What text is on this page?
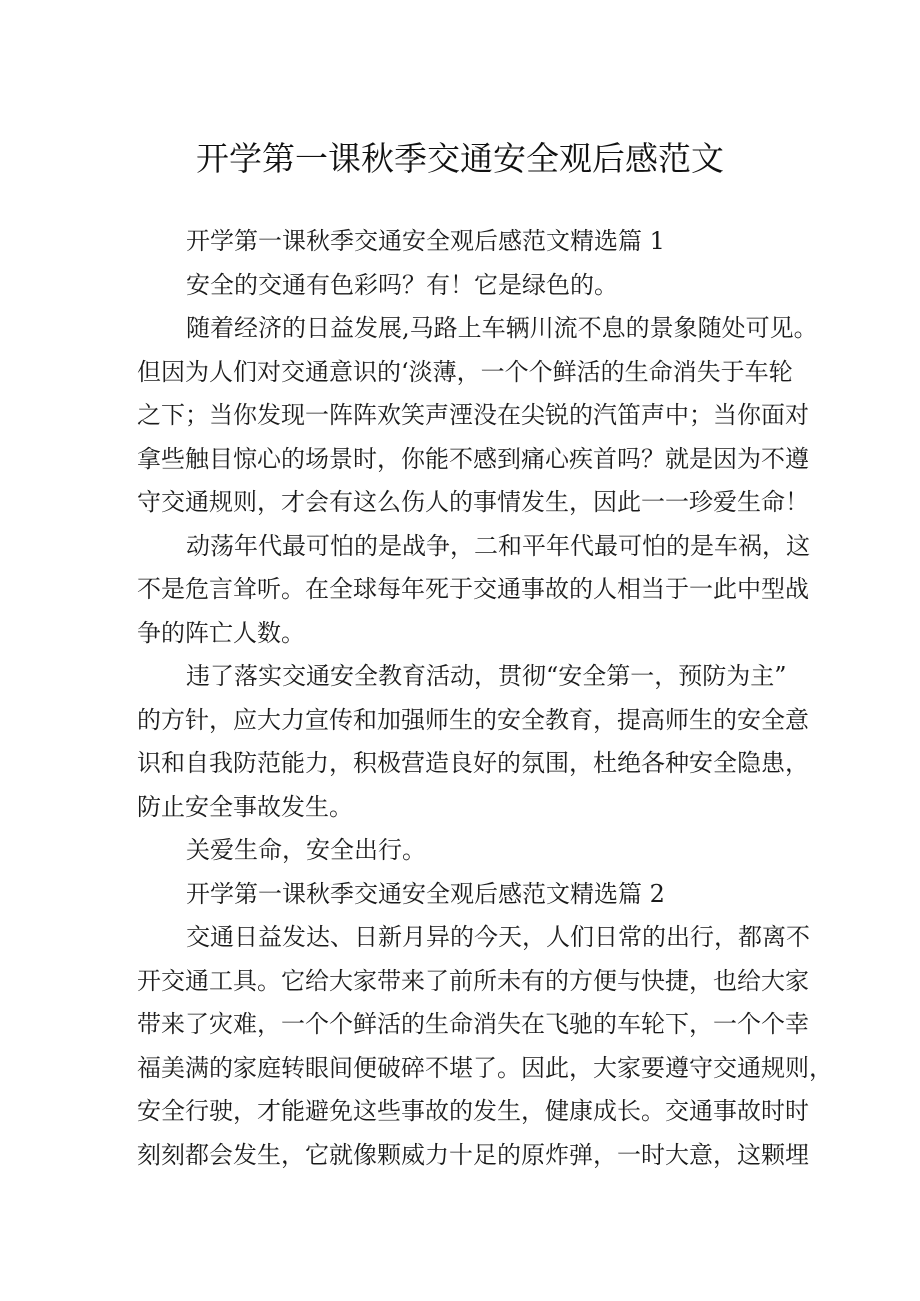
开学第一课秋季交通安全观后感范文
开学第一课秋季交通安全观后感范文精选篇 1
安全的交通有色彩吗？有！它是绿色的。
随着经济的日益发展,马路上车辆川流不息的景象随处可见。
但因为人们对交通意识的‘淡薄，一个个鲜活的生命消失于车轮
之下；当你发现一阵阵欢笑声湮没在尖锐的汽笛声中；当你面对
拿些触目惊心的场景时，你能不感到痛心疾首吗？就是因为不遵
守交通规则，才会有这么伤人的事情发生，因此一一珍爱生命！
动荡年代最可怕的是战争，二和平年代最可怕的是车祸，这
不是危言耸听。在全球每年死于交通事故的人相当于一此中型战
争的阵亡人数。
违了落实交通安全教育活动，贯彻“安全第一，预防为主”
的方针，应大力宣传和加强师生的安全教育，提高师生的安全意
识和自我防范能力，积极营造良好的氛围，杜绝各种安全隐患，
防止安全事故发生。
关爱生命，安全出行。
开学第一课秋季交通安全观后感范文精选篇 2
交通日益发达、日新月异的今天，人们日常的出行，都离不
开交通工具。它给大家带来了前所未有的方便与快捷，也给大家
带来了灾难，一个个鲜活的生命消失在飞驰的车轮下，一个个幸
福美满的家庭转眼间便破碎不堪了。因此，大家要遵守交通规则，
安全行驶，才能避免这些事故的发生，健康成长。交通事故时时
刻刻都会发生，它就像颗威力十足的原炸弹，一时大意，这颗埋
